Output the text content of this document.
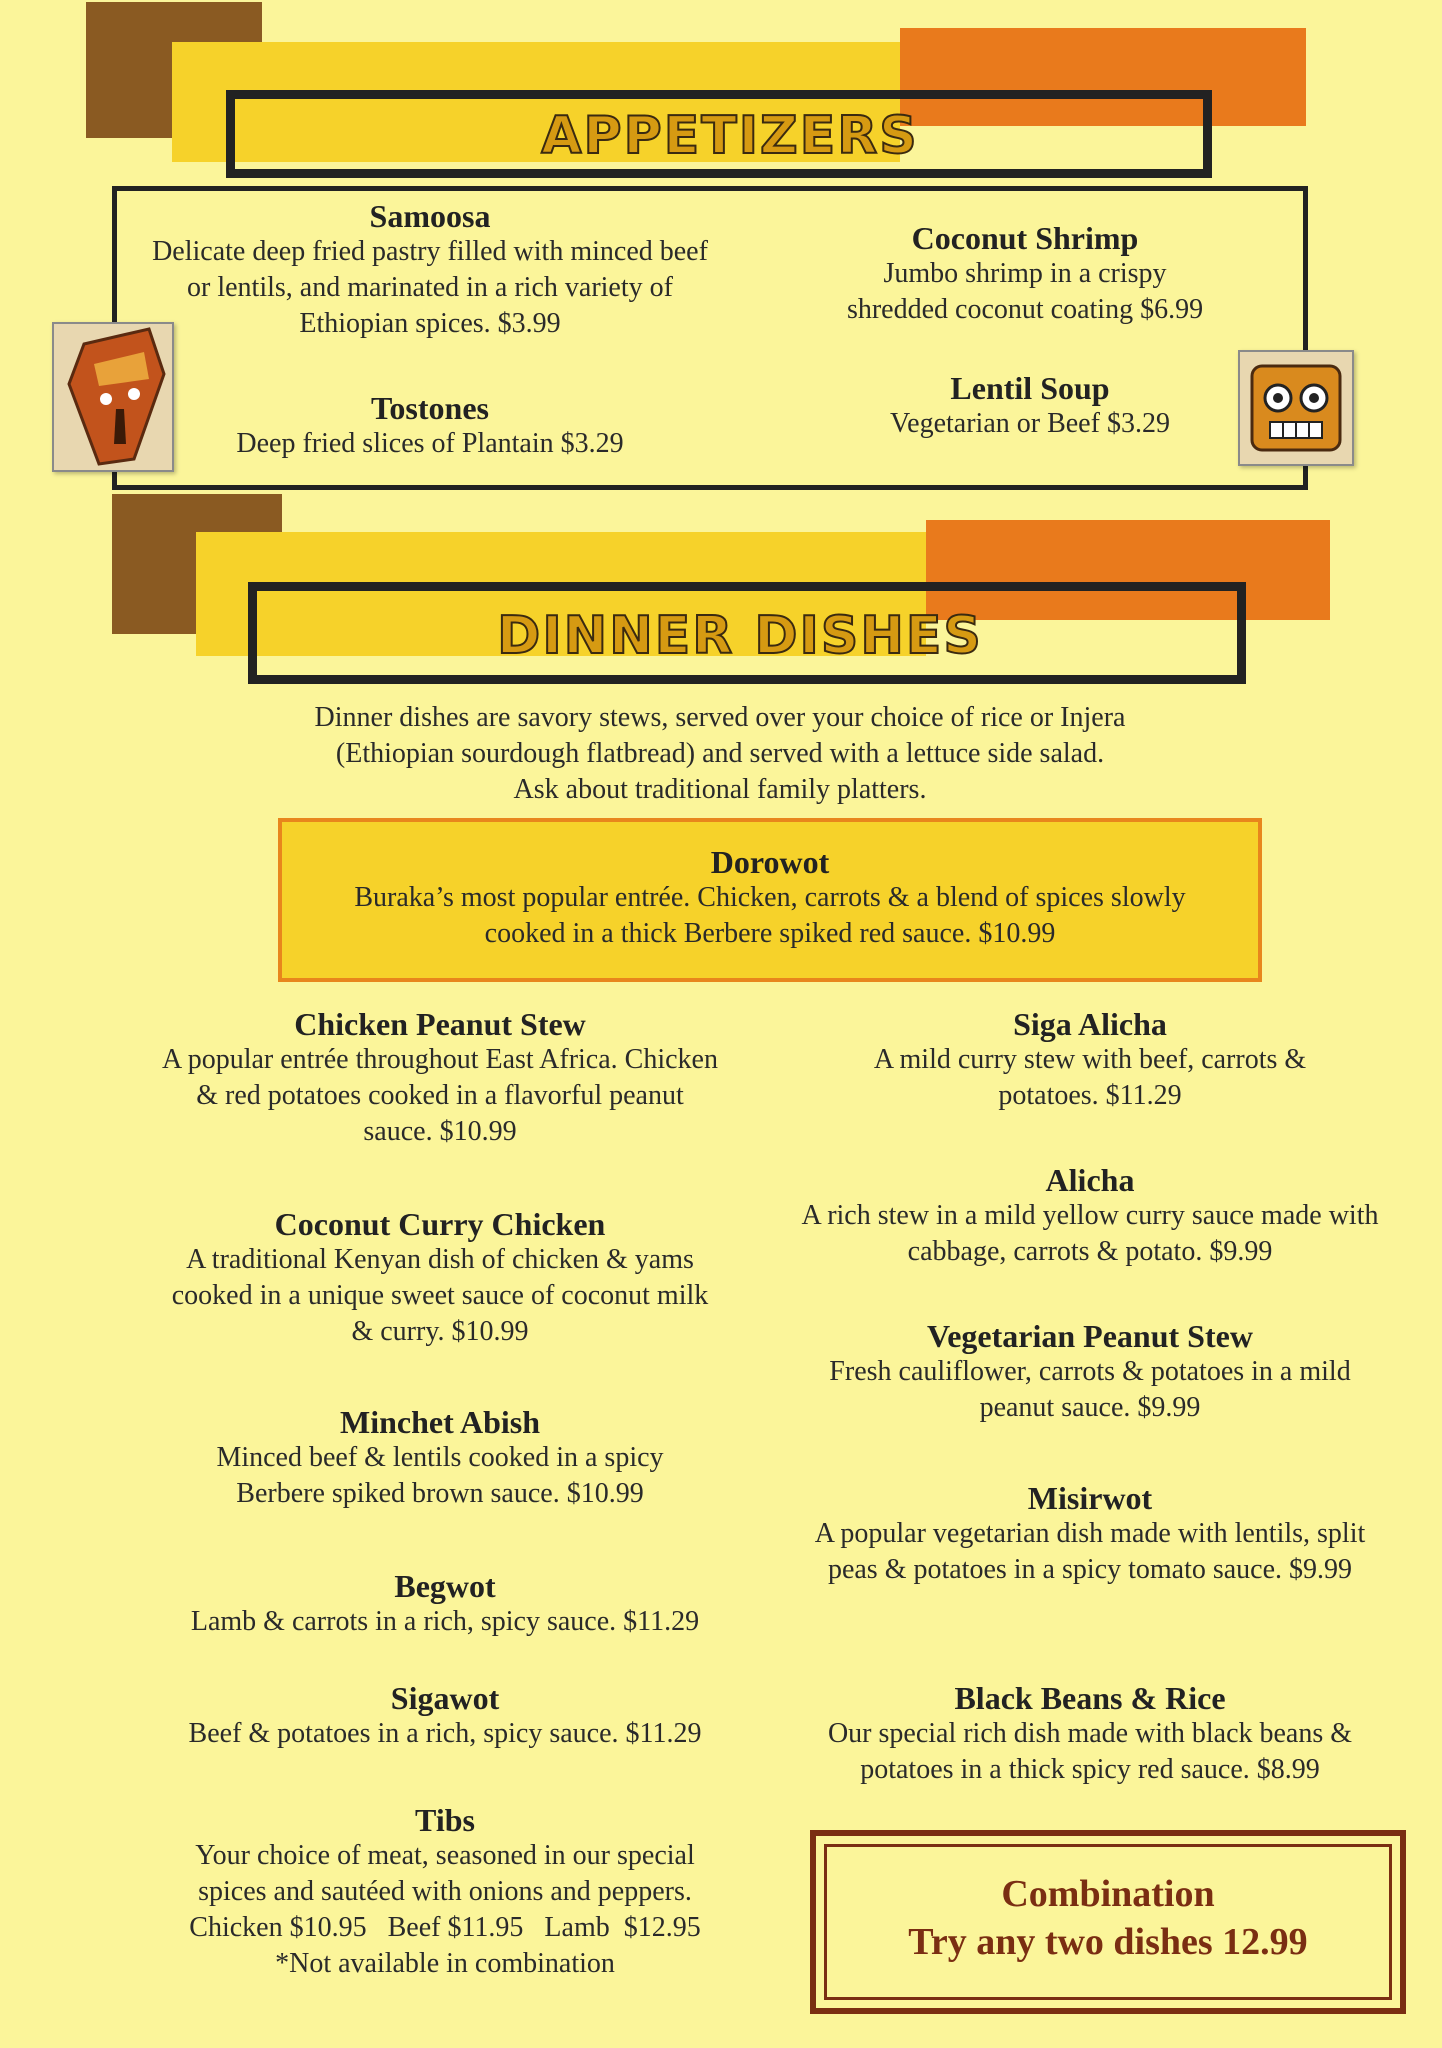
APPETIZERS
Samoosa
Delicate deep fried pastry filled with minced beef or lentils, and marinated in a rich variety of Ethiopian spices. $3.99
Tostones
Deep fried slices of Plantain $3.29
Coconut Shrimp
Jumbo shrimp in a crispy shredded coconut coating $6.99
Lentil Soup
Vegetarian or Beef $3.29
DINNER DISHES
Dinner dishes are savory stews, served over your choice of rice or Injera
(Ethiopian sourdough flatbread) and served with a lettuce side salad.
Ask about traditional family platters.
Dorowot
Buraka’s most popular entrée. Chicken, carrots & a blend of spices slowly cooked in a thick Berbere spiked red sauce. $10.99
Chicken Peanut Stew
A popular entrée throughout East Africa. Chicken & red potatoes cooked in a flavorful peanut sauce. $10.99
Coconut Curry Chicken
A traditional Kenyan dish of chicken & yams cooked in a unique sweet sauce of coconut milk & curry. $10.99
Minchet Abish
Minced beef & lentils cooked in a spicy Berbere spiked brown sauce. $10.99
Begwot
Lamb & carrots in a rich, spicy sauce. $11.29
Sigawot
Beef & potatoes in a rich, spicy sauce. $11.29
Tibs
Your choice of meat, seasoned in our special spices and sautéed with onions and peppers.
Chicken $10.95   Beef $11.95   Lamb  $12.95
*Not available in combination
Siga Alicha
A mild curry stew with beef, carrots & potatoes. $11.29
Alicha
A rich stew in a mild yellow curry sauce made with cabbage, carrots & potato. $9.99
Vegetarian Peanut Stew
Fresh cauliflower, carrots & potatoes in a mild peanut sauce. $9.99
Misirwot
A popular vegetarian dish made with lentils, split peas & potatoes in a spicy tomato sauce. $9.99
Black Beans & Rice
Our special rich dish made with black beans & potatoes in a thick spicy red sauce. $8.99
Combination
Try any two dishes 12.99
